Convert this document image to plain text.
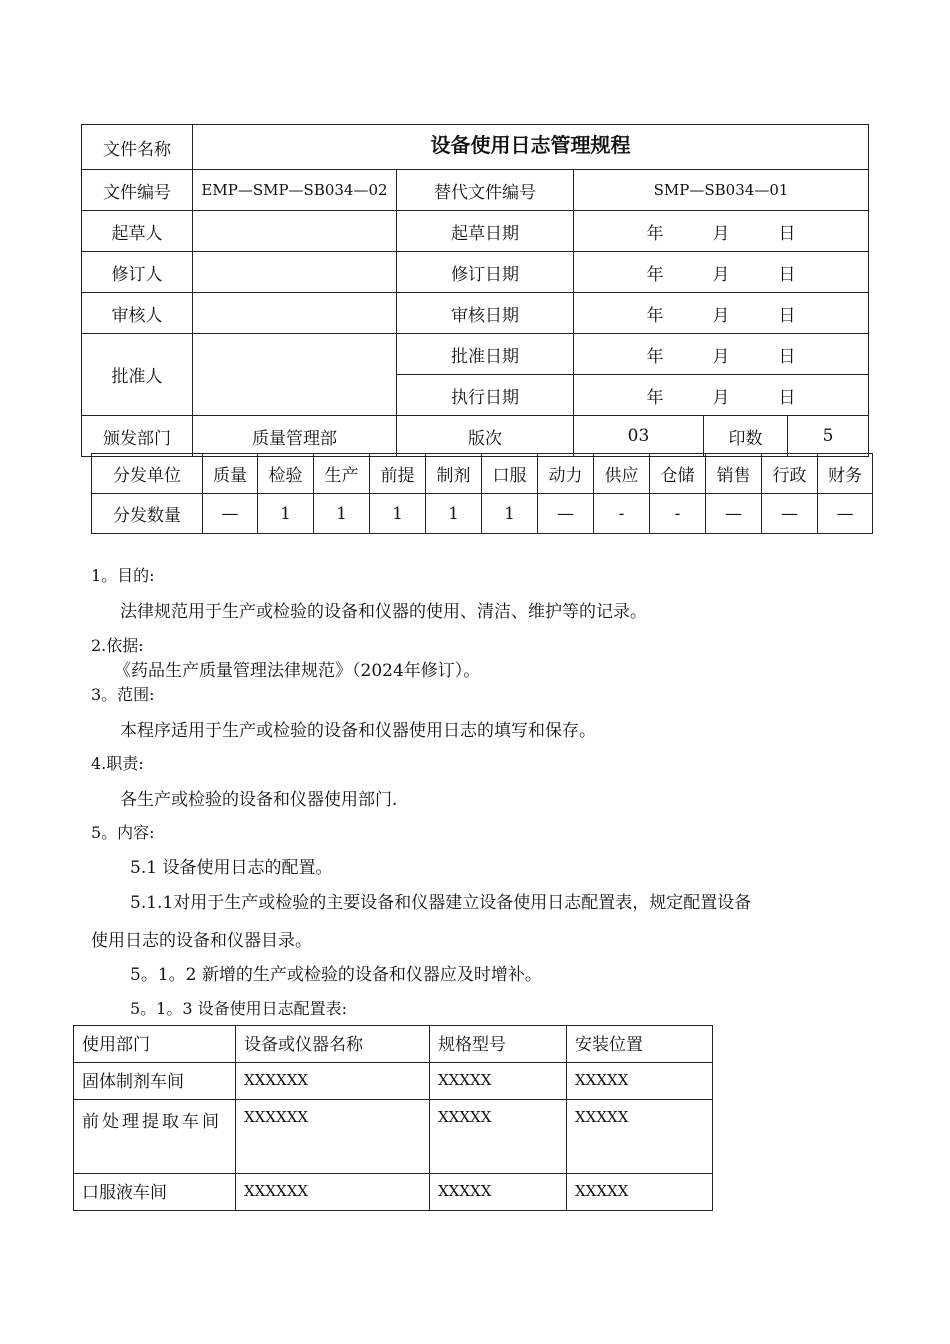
文件名称	设备使用日志管理规程				
文件编号	EMP—SMP—SB034—02	替代文件编号	SMP—SB034—01		
起草人		起草日期	年 月 日		
修订人		修订日期	年 月 日		
审核人		审核日期	年 月 日		
批准人		批准日期	年 月 日		
		执行日期	年 月 日		
颁发部门	质量管理部	版次	03	印数	5
分发单位	质量	检验	生产	前提	制剂	口服	动力	供应	仓储	销售	行政	财务
分发数量	—	1	1	1	1	1	—	-	-	—	—	—

1。目的:

法律规范用于生产或检验的设备和仪器的使用、清洁、维护等的记录。

2.依据:

《药品生产质量管理法律规范》（2024年修订）。

3。范围:

本程序适用于生产或检验的设备和仪器使用日志的填写和保存。

4.职责:

各生产或检验的设备和仪器使用部门.

5。内容:

5.1 设备使用日志的配置。

5.1.1对用于生产或检验的主要设备和仪器建立设备使用日志配置表，规定配置设备

使用日志的设备和仪器目录。

5。1。2 新增的生产或检验的设备和仪器应及时增补。

5。1。3 设备使用日志配置表:

使用部门	设备或仪器名称	规格型号	安装位置
固体制剂车间	XXXXXX	XXXXX	XXXXX
前处理提取车间	XXXXXX	XXXXX	XXXXX
口服液车间	XXXXXX	XXXXX	XXXXX
